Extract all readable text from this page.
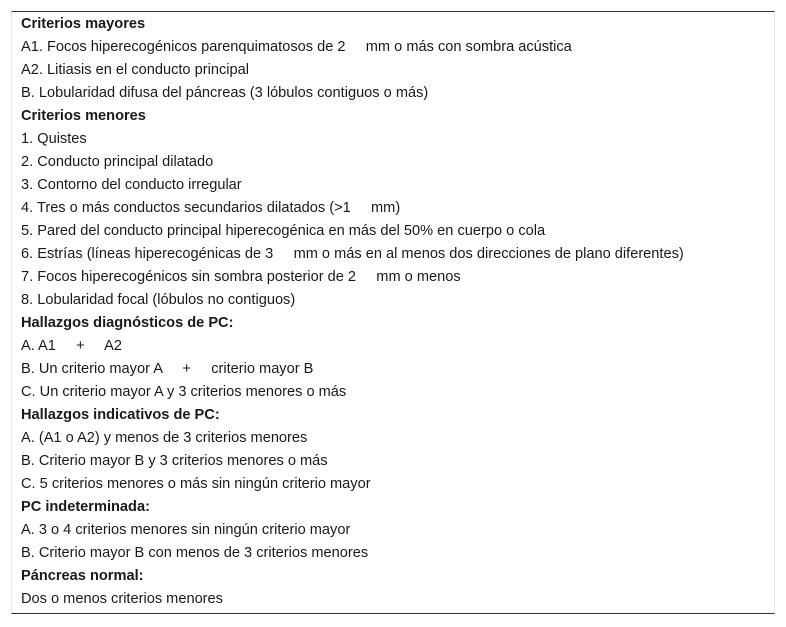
Criterios mayores
A1. Focos hiperecogénicos parenquimatosos de 2     mm o más con sombra acústica
A2. Litiasis en el conducto principal
B. Lobularidad difusa del páncreas (3 lóbulos contiguos o más)
Criterios menores
1. Quistes
2. Conducto principal dilatado
3. Contorno del conducto irregular
4. Tres o más conductos secundarios dilatados (>1     mm)
5. Pared del conducto principal hiperecogénica en más del 50% en cuerpo o cola
6. Estrías (líneas hiperecogénicas de 3     mm o más en al menos dos direcciones de plano diferentes)
7. Focos hiperecogénicos sin sombra posterior de 2     mm o menos
8. Lobularidad focal (lóbulos no contiguos)
Hallazgos diagnósticos de PC:
A. A1     +     A2
B. Un criterio mayor A     +     criterio mayor B
C. Un criterio mayor A y 3 criterios menores o más
Hallazgos indicativos de PC:
A. (A1 o A2) y menos de 3 criterios menores
B. Criterio mayor B y 3 criterios menores o más
C. 5 criterios menores o más sin ningún criterio mayor
PC indeterminada:
A. 3 o 4 criterios menores sin ningún criterio mayor
B. Criterio mayor B con menos de 3 criterios menores
Páncreas normal:
Dos o menos criterios menores
